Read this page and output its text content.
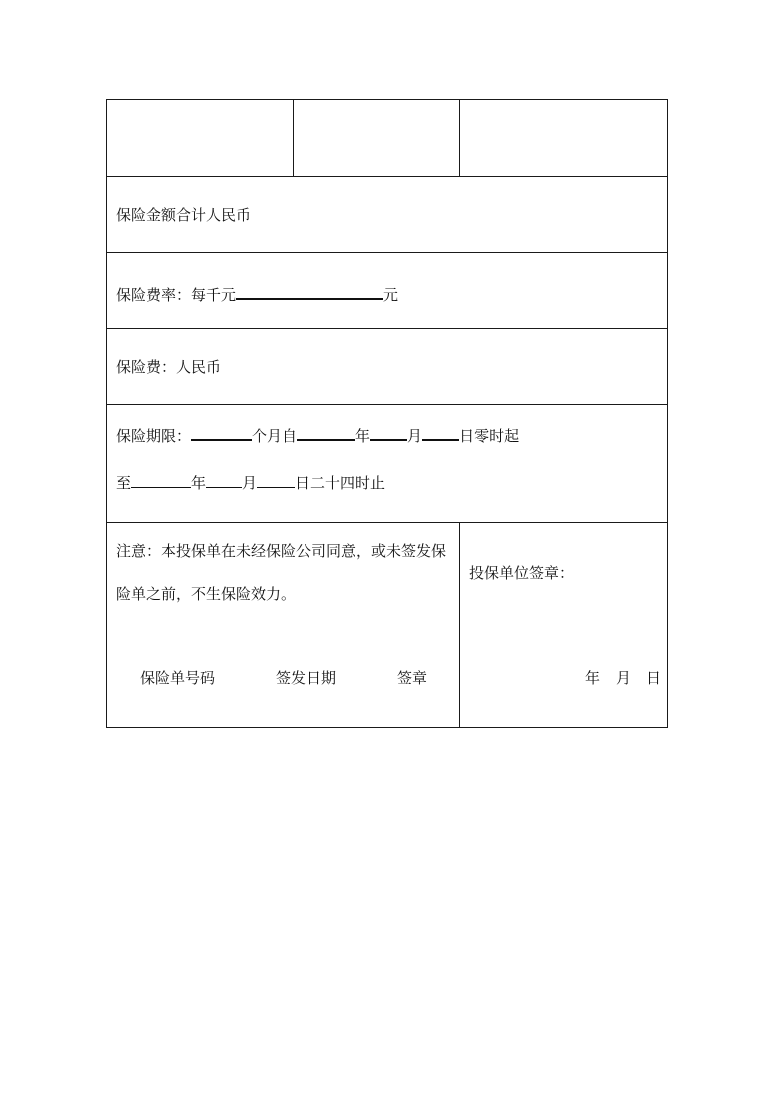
保险金额合计人民币		

保险费率：每千元 元		

保险费：人民币		

保险期限： 个月自 年 月 日零时起
至 年 月 日二十四时止		

注意：本投保单在未经保险公司同意，或未签发保
险单之前，不生保险效力。
保险单号码 签发日期 签章		投保单位签章：
年 月 日
